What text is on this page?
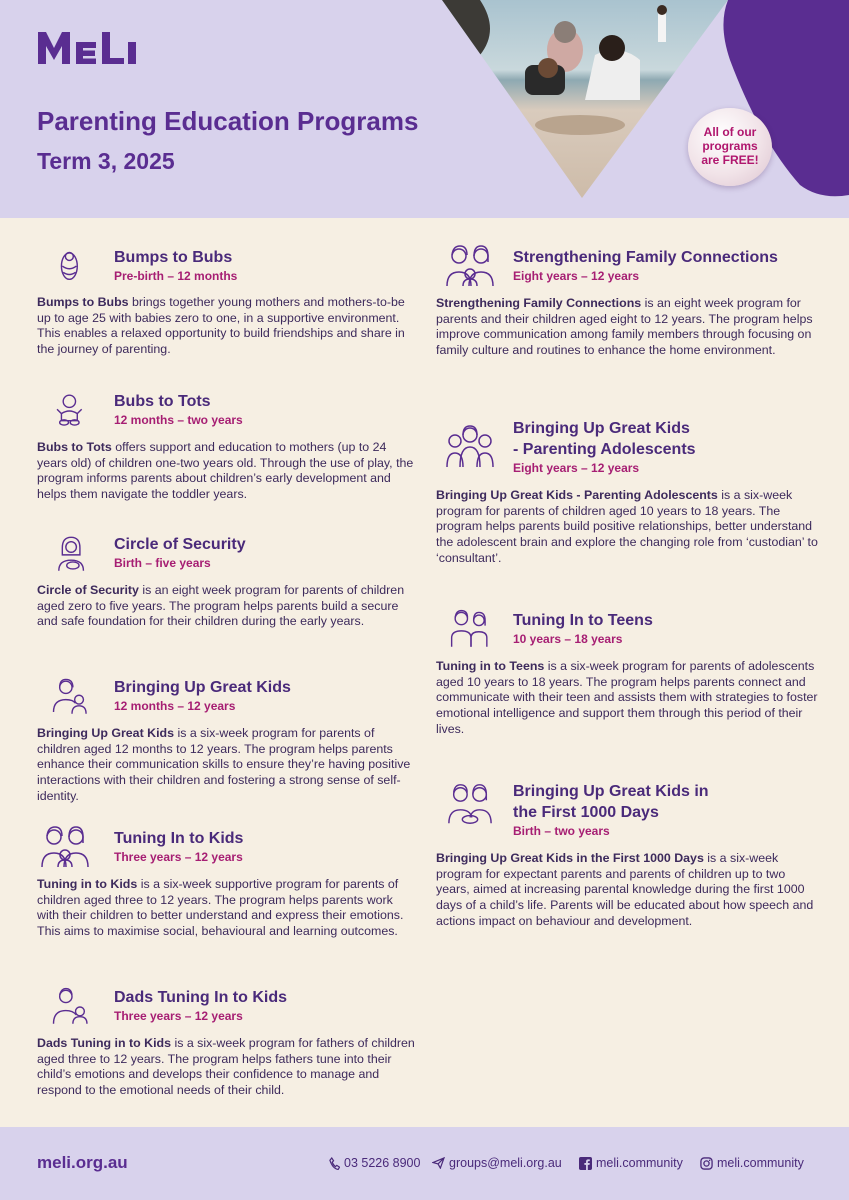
Parenting Education Programs
Term 3, 2025
All of our programs are FREE!
Bumps to Bubs
Pre-birth – 12 months
Bumps to Bubs brings together young mothers and mothers-to-be up to age 25 with babies zero to one, in a supportive environment. This enables a relaxed opportunity to build friendships and share in the journey of parenting.
Bubs to Tots
12 months – two years
Bubs to Tots offers support and education to mothers (up to 24 years old) of children one-two years old. Through the use of play, the program informs parents about children’s early development and helps them navigate the toddler years.
Circle of Security
Birth – five years
Circle of Security is an eight week program for parents of children aged zero to five years. The program helps parents build a secure and safe foundation for their children during the early years.
Bringing Up Great Kids
12 months – 12 years
Bringing Up Great Kids is a six-week program for parents of children aged 12 months to 12 years. The program helps parents enhance their communication skills to ensure they’re having positive interactions with their children and fostering a strong sense of self-identity.
Tuning In to Kids
Three years – 12 years
Tuning in to Kids is a six-week supportive program for parents of children aged three to 12 years. The program helps parents work with their children to better understand and express their emotions. This aims to maximise social, behavioural and learning outcomes.
Dads Tuning In to Kids
Three years – 12 years
Dads Tuning in to Kids is a six-week program for fathers of children aged three to 12 years. The program helps fathers tune into their child’s emotions and develops their confidence to manage and respond to the emotional needs of their child.
Strengthening Family Connections
Eight years – 12 years
Strengthening Family Connections is an eight week program for parents and their children aged eight to 12 years. The program helps improve communication among family members through focusing on family culture and routines to enhance the home environment.
Bringing Up Great Kids
- Parenting Adolescents
Eight years – 12 years
Bringing Up Great Kids - Parenting Adolescents is a six-week program for parents of children aged 10 years to 18 years. The program helps parents build positive relationships, better understand the adolescent brain and explore the changing role from ‘custodian’ to ‘consultant’.
Tuning In to Teens
10 years – 18 years
Tuning in to Teens is a six-week program for parents of adolescents aged 10 years to 18 years. The program helps parents connect and communicate with their teen and assists them with strategies to foster emotional intelligence and support them through this period of their lives.
Bringing Up Great Kids in
the First 1000 Days
Birth – two years
Bringing Up Great Kids in the First 1000 Days is a six-week program for expectant parents and parents of children up to two years, aimed at increasing parental knowledge during the first 1000 days of a child’s life. Parents will be educated about how speech and actions impact on behaviour and development.
meli.org.au	03 5226 8900 groups@meli.org.au	meli.community	meli.community
